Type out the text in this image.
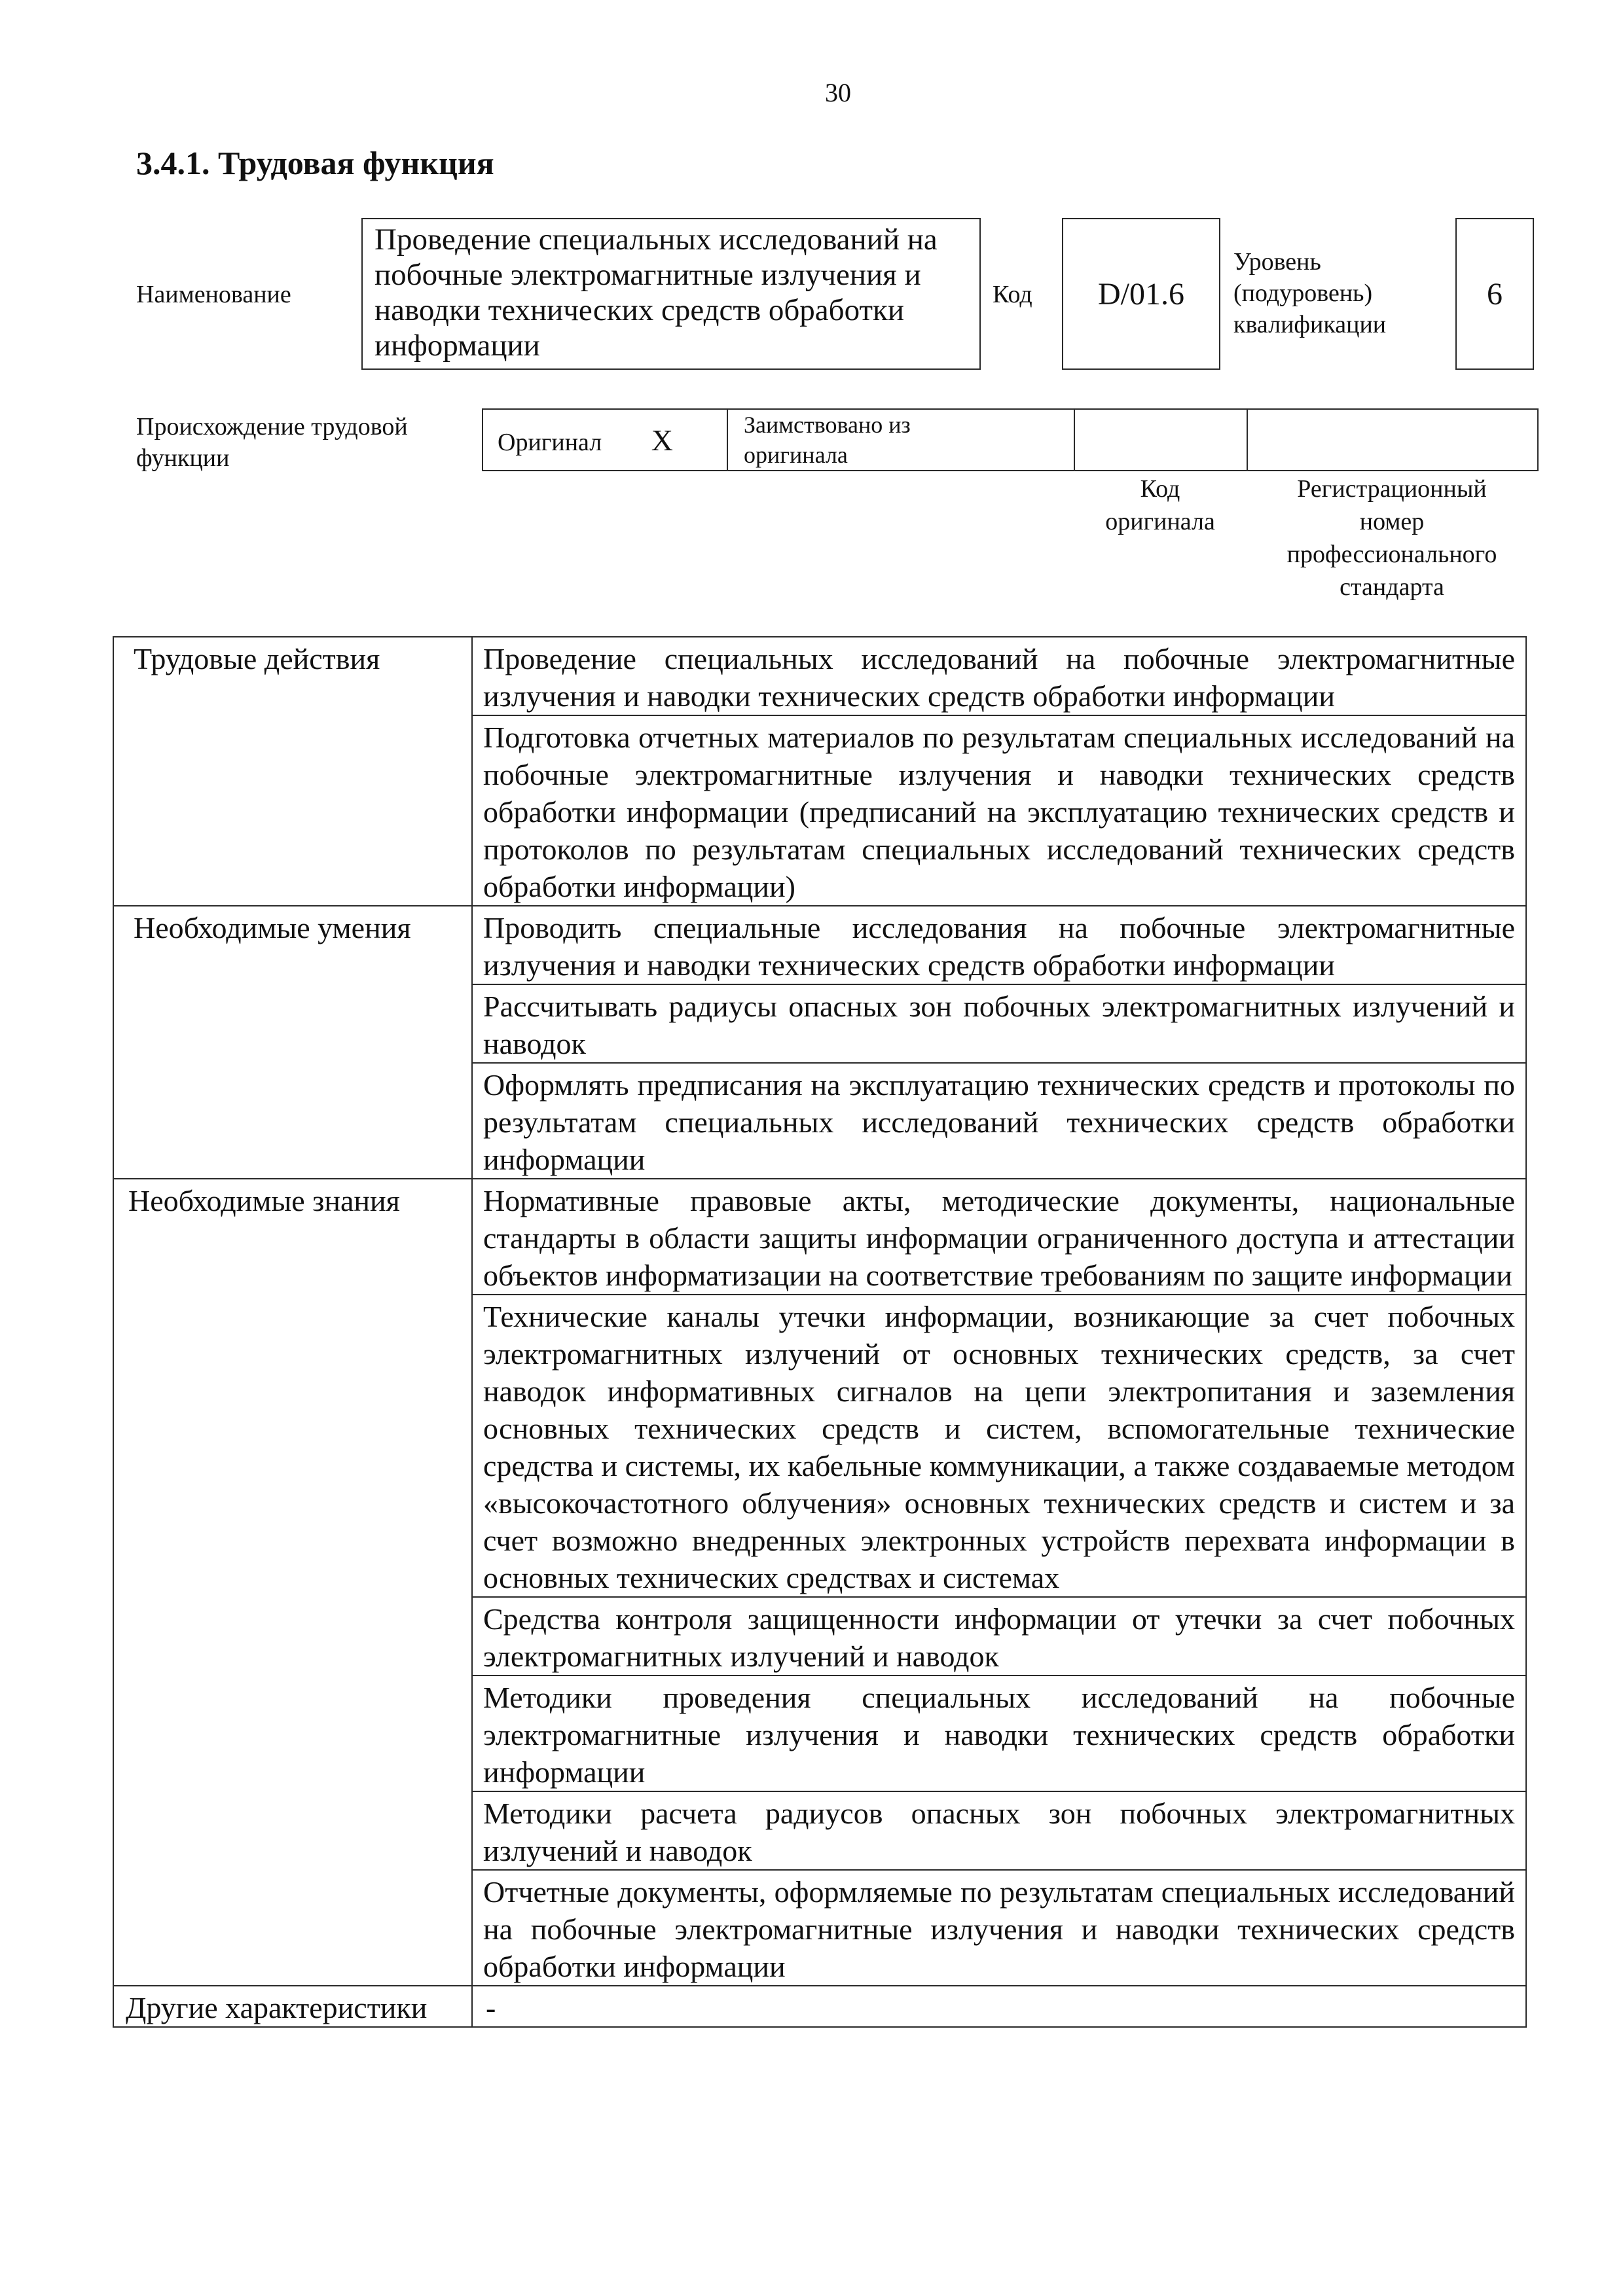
30
3.4.1. Трудовая функция
Наименование
Проведение специальных исследований на побочные электромагнитные излучения и наводки технических средств обработки информации
Код D/01.6
Уровень
(подуровень)
квалификации
6
Происхождение трудовой
функции
Оригинал X	Заимствовано из
оригинала

Код
оригинала
Регистрационный
номер
профессионального
стандарта
Трудовые действия	Проведение специальных исследований на побочные электромагнитные излучения и наводки технических средств обработки информации
	Подготовка отчетных материалов по результатам специальных исследований на побочные электромагнитные излучения и наводки технических средств обработки информации (предписаний на эксплуатацию технических средств и протоколов по результатам специальных исследований технических средств обработки информации)
Необходимые умения	Проводить специальные исследования на побочные электромагнитные излучения и наводки технических средств обработки информации
	Рассчитывать радиусы опасных зон побочных электромагнитных излучений и наводок
	Оформлять предписания на эксплуатацию технических средств и протоколы по результатам специальных исследований технических средств обработки информации
Необходимые знания	Нормативные правовые акты, методические документы, национальные стандарты в области защиты информации ограниченного доступа и аттестации объектов информатизации на соответствие требованиям по защите информации
	Технические каналы утечки информации, возникающие за счет побочных электромагнитных излучений от основных технических средств, за счет наводок информативных сигналов на цепи электропитания и заземления основных технических средств и систем, вспомогательные технические средства и системы, их кабельные коммуникации, а также создаваемые методом «высокочастотного облучения» основных технических средств и систем и за счет возможно внедренных электронных устройств перехвата информации в основных технических средствах и системах
	Средства контроля защищенности информации от утечки за счет побочных электромагнитных излучений и наводок
	Методики проведения специальных исследований на побочные электромагнитные излучения и наводки технических средств обработки информации
	Методики расчета радиусов опасных зон побочных электромагнитных излучений и наводок
	Отчетные документы, оформляемые по результатам специальных исследований на побочные электромагнитные излучения и наводки технических средств обработки информации
Другие характеристики	-
